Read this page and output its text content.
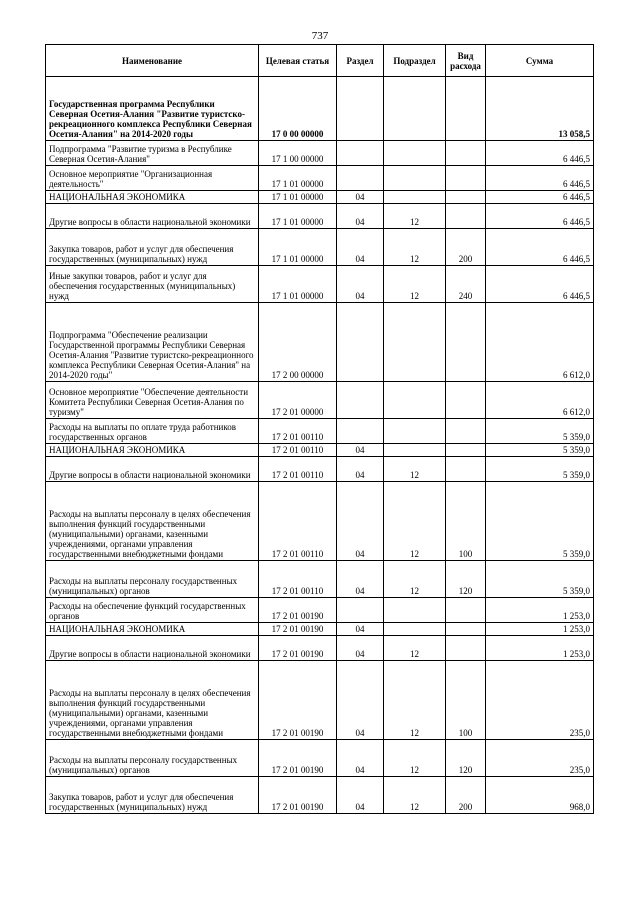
737
Наименование	Целевая статья	Раздел	Подраздел	Вид расхода	Сумма
Государственная программа Республики Северная Осетия-Алания "Развитие туристско-рекреационного комплекса Республики Северная Осетия-Алания" на 2014-2020 годы	17 0 00 00000				13 058,5
Подпрограмма "Развитие туризма в Республике Северная Осетия-Алания"	17 1 00 00000				6 446,5
Основное мероприятие "Организационная деятельность"	17 1 01 00000				6 446,5
НАЦИОНАЛЬНАЯ ЭКОНОМИКА	17 1 01 00000	04			6 446,5
Другие вопросы в области национальной экономики	17 1 01 00000	04	12		6 446,5
Закупка товаров, работ и услуг для обеспечения государственных (муниципальных) нужд	17 1 01 00000	04	12	200	6 446,5
Иные закупки товаров, работ и услуг для обеспечения государственных (муниципальных) нужд	17 1 01 00000	04	12	240	6 446,5
Подпрограмма "Обеспечение реализации Государственной программы Республики Северная Осетия-Алания "Развитие туристско-рекреационного комплекса Республики Северная Осетия-Алания" на 2014-2020 годы"	17 2 00 00000				6 612,0
Основное мероприятие "Обеспечение деятельности Комитета Республики Северная Осетия-Алания по туризму"	17 2 01 00000				6 612,0
Расходы на выплаты по оплате труда работников государственных органов	17 2 01 00110				5 359,0
НАЦИОНАЛЬНАЯ ЭКОНОМИКА	17 2 01 00110	04			5 359,0
Другие вопросы в области национальной экономики	17 2 01 00110	04	12		5 359,0
Расходы на выплаты персоналу в целях обеспечения выполнения функций государственными (муниципальными) органами, казенными учреждениями, органами управления государственными внебюджетными фондами	17 2 01 00110	04	12	100	5 359,0
Расходы на выплаты персоналу государственных (муниципальных) органов	17 2 01 00110	04	12	120	5 359,0
Расходы на обеспечение функций государственных органов	17 2 01 00190				1 253,0
НАЦИОНАЛЬНАЯ ЭКОНОМИКА	17 2 01 00190	04			1 253,0
Другие вопросы в области национальной экономики	17 2 01 00190	04	12		1 253,0
Расходы на выплаты персоналу в целях обеспечения выполнения функций государственными (муниципальными) органами, казенными учреждениями, органами управления государственными внебюджетными фондами	17 2 01 00190	04	12	100	235,0
Расходы на выплаты персоналу государственных (муниципальных) органов	17 2 01 00190	04	12	120	235,0
Закупка товаров, работ и услуг для обеспечения государственных (муниципальных) нужд	17 2 01 00190	04	12	200	968,0
